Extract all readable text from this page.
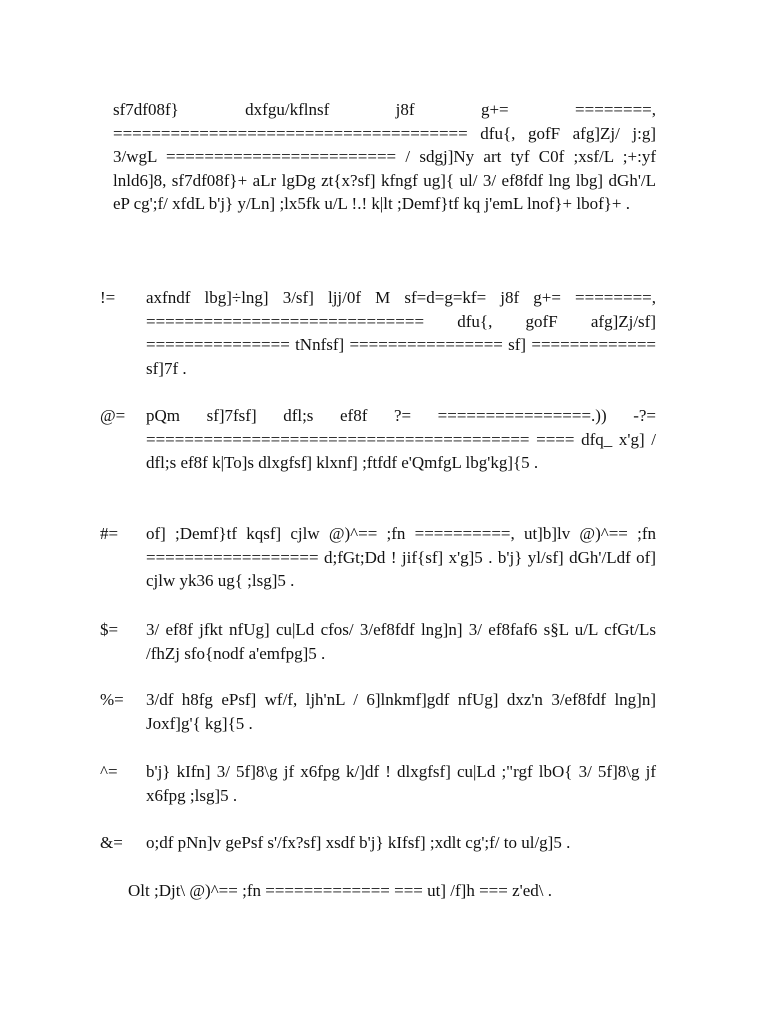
sf7df08f} dxfgu/kflnsf j8f g+= ========, ===================================== dfu{, gofF afg]Zj/ j:g] 3/wgL ======================== / sdgj]Ny art tyf C0f ;xsf/L ;+:yf lnld6]8, sf7df08f}+ aLr lgDg zt{x?sf] kfngf ug]{ ul/ 3/ ef8fdf lng lbg] dGh'/L eP cg';f/ xfdL b'j} y/Ln] ;lx5fk u/L !.! k|lt ;Demf}tf kq j'emL lnof}+ lbof}+ .

!= axfndf lbg]÷lng] 3/sf] ljj/0f M sf=d=g=kf= j8f g+= ========, ============================= dfu{, gofF afg]Zj/sf] =============== tNnfsf] ================ sf] ============= sf]7f .

@= pQm sf]7fsf] dfl;s ef8f ?= ================.)) -?= ======================================== ==== dfq_ x'g] / dfl;s ef8f k|To]s dlxgfsf] klxnf] ;ftfdf e'QmfgL lbg'kg]{5 .

#= of] ;Demf}tf kqsf] cjlw @)^== ;fn ==========, ut]b]lv @)^== ;fn ================== d;fGt;Dd ! jif{sf] x'g]5 . b'j} yl/sf] dGh'/Ldf of] cjlw yk36 ug{ ;lsg]5 .

$= 3/ ef8f jfkt nfUg] cu|Ld cfos/ 3/ef8fdf lng]n] 3/ ef8faf6 s§L u/L cfGt/Ls /fhZj sfo{nodf a'emfpg]5 .

%= 3/df h8fg ePsf] wf/f, ljh'nL / 6]lnkmf]gdf nfUg] dxz'n 3/ef8fdf lng]n] Joxf]g'{ kg]{5 .

^= b'j} kIfn] 3/ 5f]8\g jf x6fpg k/]df ! dlxgfsf] cu|Ld ;"rgf lbO{ 3/ 5f]8\g jf x6fpg ;lsg]5 .

&= o;df pNn]v gePsf s'/fx?sf] xsdf b'j} kIfsf] ;xdlt cg';f/ to ul/g]5 .

Olt ;Djt\ @)^== ;fn ============= === ut] /f]h === z'ed\ .
